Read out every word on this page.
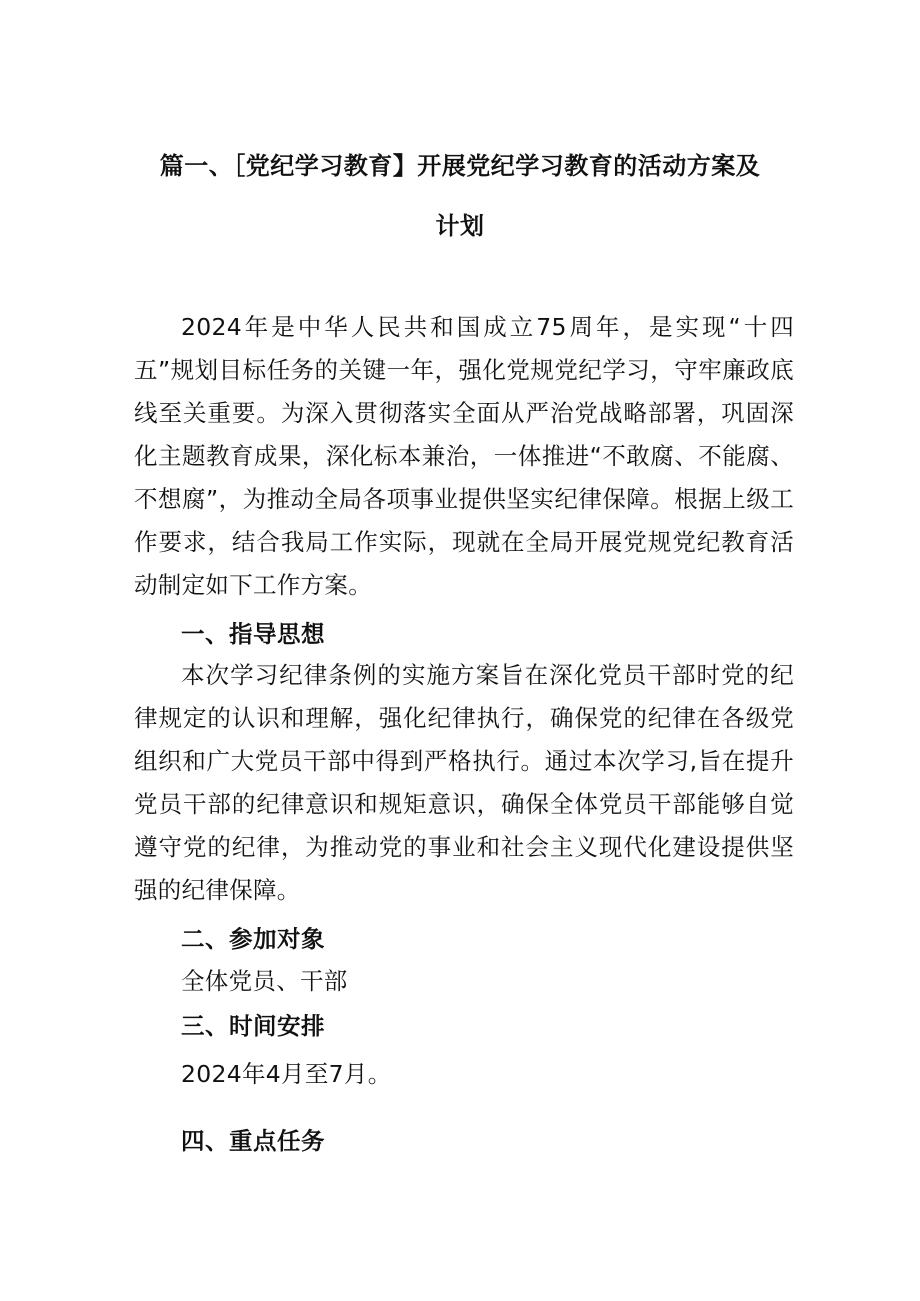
篇一、［党纪学习教育】开展党纪学习教育的活动方案及
计划
2024年是中华人民共和国成立75周年，是实现“十四五”规划目标任务的关键一年，强化党规党纪学习，守牢廉政底线至关重要。为深入贯彻落实全面从严治党战略部署，巩固深化主题教育成果，深化标本兼治，一体推进“不敢腐、不能腐、不想腐”，为推动全局各项事业提供坚实纪律保障。根据上级工作要求，结合我局工作实际，现就在全局开展党规党纪教育活动制定如下工作方案。
一、指导思想
本次学习纪律条例的实施方案旨在深化党员干部时党的纪律规定的认识和理解，强化纪律执行，确保党的纪律在各级党组织和广大党员干部中得到严格执行。通过本次学习,旨在提升党员干部的纪律意识和规矩意识，确保全体党员干部能够自觉遵守党的纪律，为推动党的事业和社会主义现代化建设提供坚强的纪律保障。
二、参加对象
全体党员、干部
三、时间安排
2024年4月至7月。
四、重点任务
